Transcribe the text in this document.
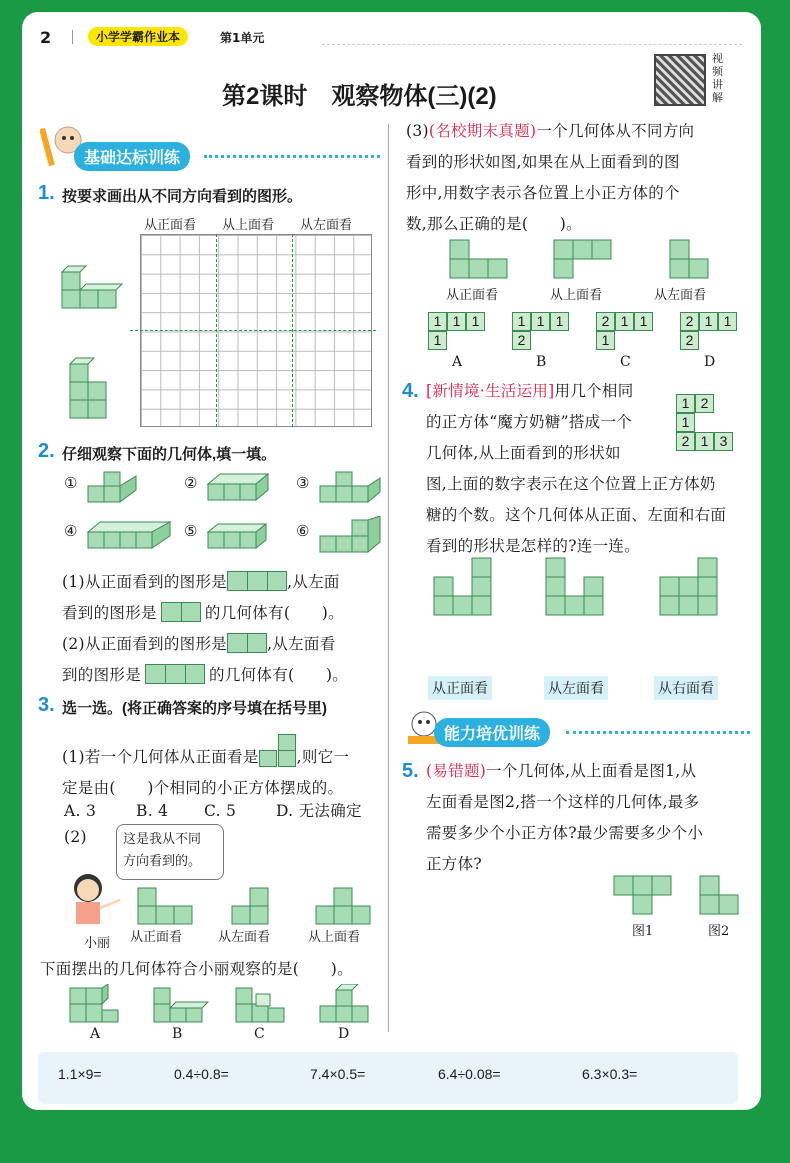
2	小学学霸作业本	第1单元
第2课时　观察物体(三)(2)
视频讲解
基础达标训练
1. 按要求画出从不同方向看到的图形。
从正面看 从上面看 从左面看
2. 仔细观察下面的几何体,填一填。
①	②	③
④	⑤	⑥
(1)从正面看到的图形是	,从左面
看到的图形是	的几何体有(　　)。
(2)从正面看到的图形是	,从左面看
到的图形是	的几何体有(　　)。
3. 选一选。(将正确答案的序号填在括号里)
(1)若一个几何体从正面看是 ,则它一
定是由(　　)个相同的小正方体摆成的。
A. 3	B. 4 C. 5	D. 无法确定
(2)	这是我从不同
方向看到的。
小丽 从正面看	从左面看	从上面看
下面摆出的几何体符合小丽观察的是(　　)。
A	B	C	D
(3)(名校期末真题)一个几何体从不同方向
看到的形状如图,如果在从上面看到的图
形中,用数字表示各位置上小正方体的个
数,那么正确的是(　　)。
从正面看	从上面看	从左面看
1 1 1
1
1 1 1
2
2 1 1
1
2 1 1
2
A	B	C	D
4. [新情境·生活运用]用几个相同
的正方体“魔方奶糖”搭成一个
几何体,从上面看到的形状如
图,上面的数字表示在这个位置上正方体奶
糖的个数。这个几何体从正面、左面和右面
看到的形状是怎样的?连一连。
1 2
1
2 1 3
从正面看	从左面看	从右面看
能力培优训练
5. (易错题)一个几何体,从上面看是图1,从
左面看是图2,搭一个这样的几何体,最多
需要多少个小正方体?最少需要多少个小
正方体?
图1	图2
1.1×9=	0.4÷0.8=	7.4×0.5=	6.4÷0.08=	6.3×0.3=
